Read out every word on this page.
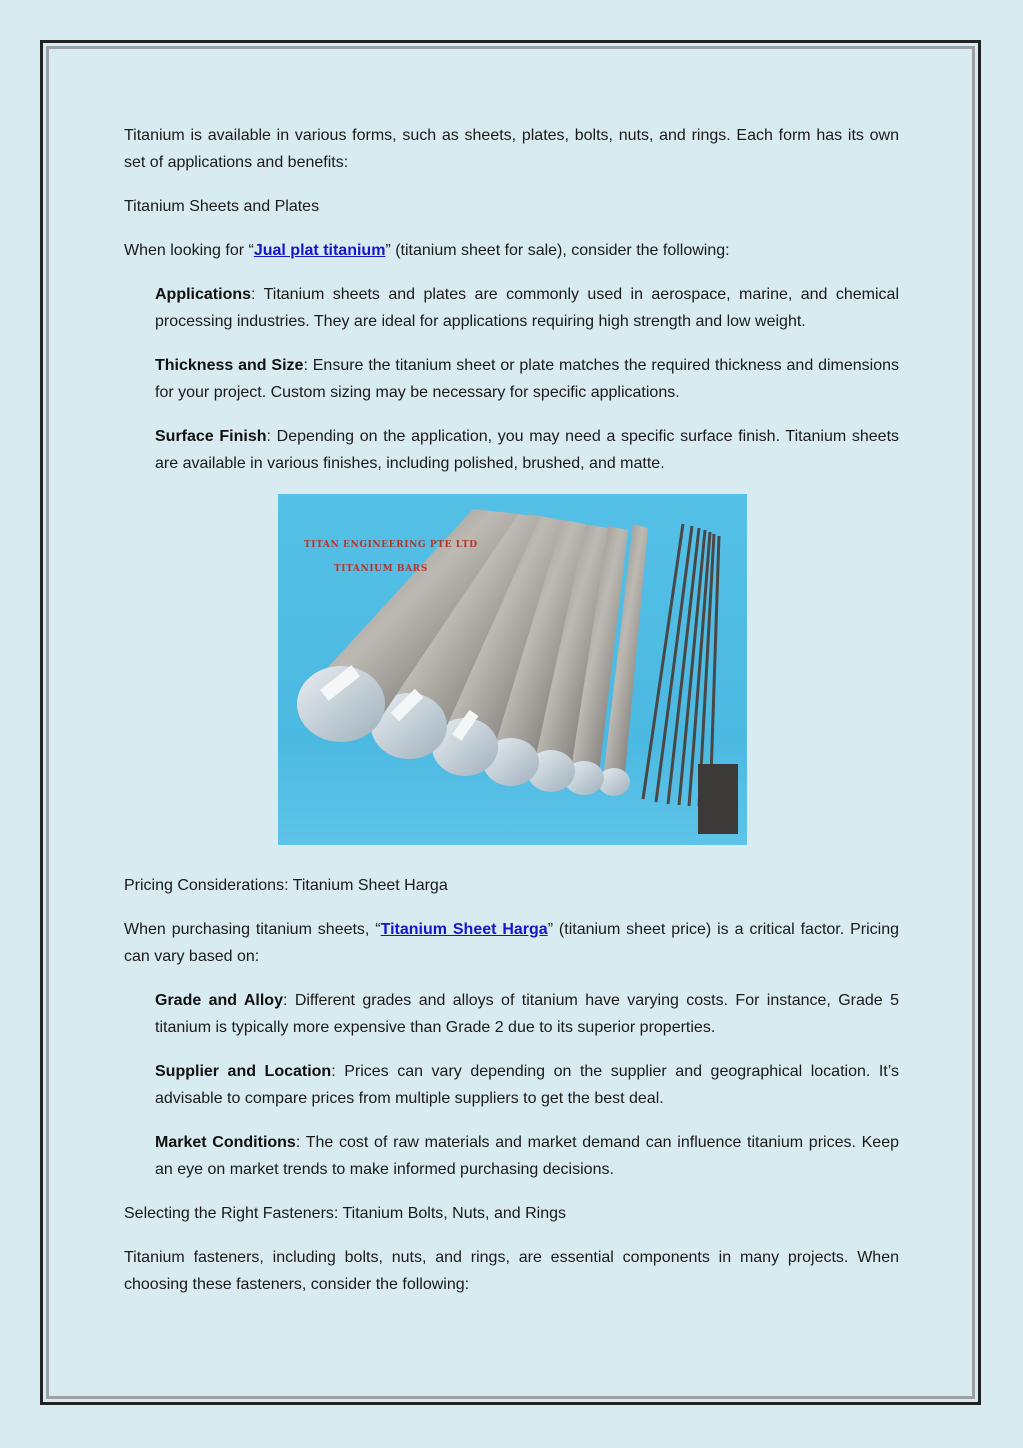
Titanium is available in various forms, such as sheets, plates, bolts, nuts, and rings. Each form has its own set of applications and benefits:

Titanium Sheets and Plates

When looking for “Jual plat titanium” (titanium sheet for sale), consider the following:

Applications: Titanium sheets and plates are commonly used in aerospace, marine, and chemical processing industries. They are ideal for applications requiring high strength and low weight.

Thickness and Size: Ensure the titanium sheet or plate matches the required thickness and dimensions for your project. Custom sizing may be necessary for specific applications.

Surface Finish: Depending on the application, you may need a specific surface finish. Titanium sheets are available in various finishes, including polished, brushed, and matte.

TITAN ENGINEERING PTE LTD
TITANIUM BARS

Pricing Considerations: Titanium Sheet Harga

When purchasing titanium sheets, “Titanium Sheet Harga” (titanium sheet price) is a critical factor. Pricing can vary based on:

Grade and Alloy: Different grades and alloys of titanium have varying costs. For instance, Grade 5 titanium is typically more expensive than Grade 2 due to its superior properties.

Supplier and Location: Prices can vary depending on the supplier and geographical location. It’s advisable to compare prices from multiple suppliers to get the best deal.

Market Conditions: The cost of raw materials and market demand can influence titanium prices. Keep an eye on market trends to make informed purchasing decisions.

Selecting the Right Fasteners: Titanium Bolts, Nuts, and Rings

Titanium fasteners, including bolts, nuts, and rings, are essential components in many projects. When choosing these fasteners, consider the following:
